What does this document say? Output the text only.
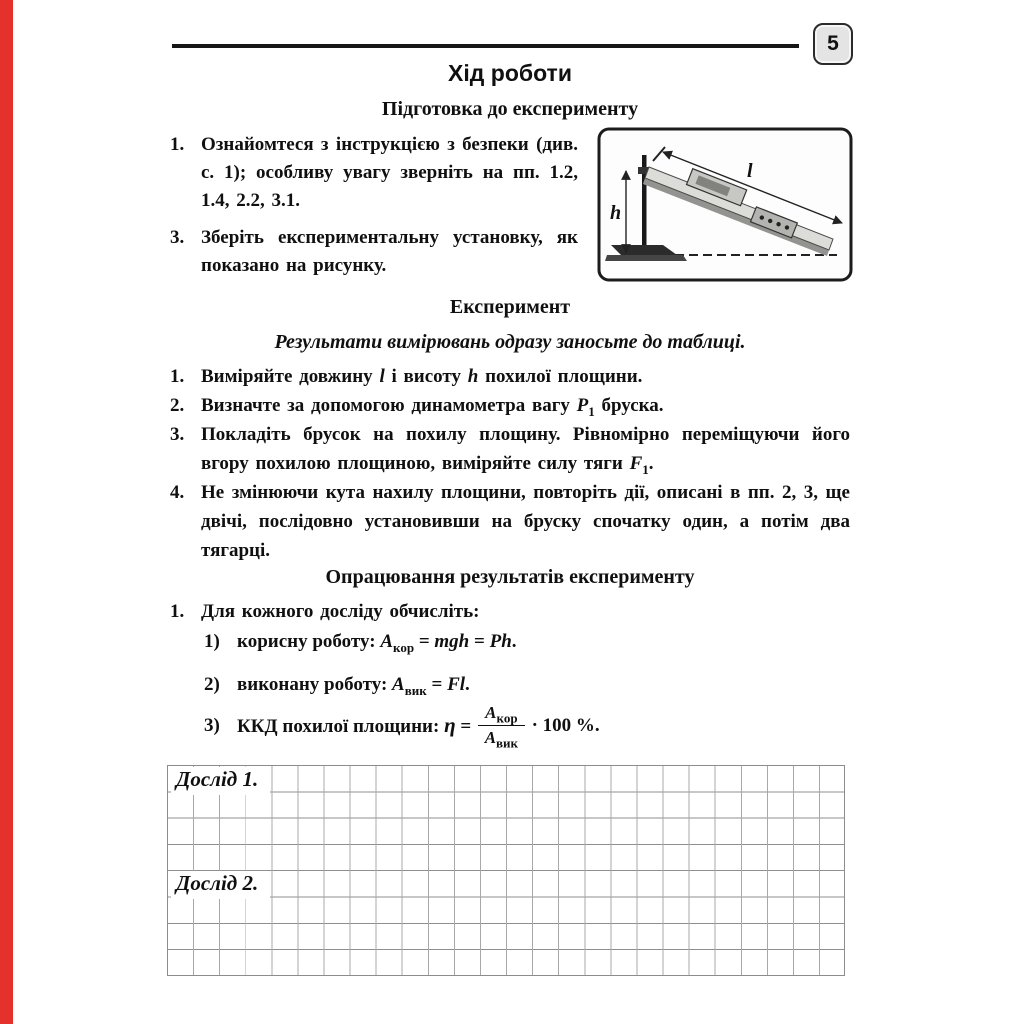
5
Хід роботи
Підготовка до експерименту
1. Ознайомтеся з інструкцією з безпеки (див. с. 1); особливу увагу зверніть на пп. 1.2, 1.4, 2.2, 3.1.
3. Зберіть експериментальну установку, як показано на рисунку.
l
h
Експеримент
Результати вимірювань одразу заносьте до таблиці.
1. Виміряйте довжину l і висоту h похилої площини.
2. Визначте за допомогою динамометра вагу $P_1$ бруска.
3. Покладіть брусок на похилу площину. Рівномірно переміщуючи його вгору похилою площиною, виміряйте силу тяги $F_1$.
4. Не змінюючи кута нахилу площини, повторіть дії, описані в пп. 2, 3, ще двічі, послідовно установивши на бруску спочатку один, а потім два тягарці.
Опрацювання результатів експерименту
1. Для кожного досліду обчисліть:
1) корисну роботу: $A_{кор}$ = mgh = Ph.
2) виконану роботу: $A_{вик} = Fl$.
3) ККД похилої площини: $\eta = \frac{A_{кор}}{A_{вик}} \cdot 100$ %.
Дослід 1.
Дослід 2.
